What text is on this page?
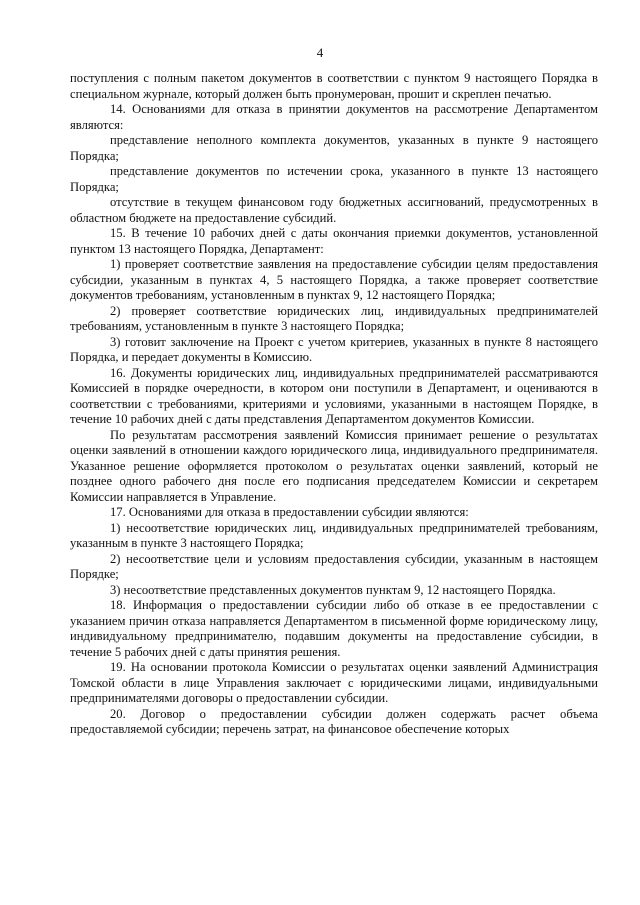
4

поступления с полным пакетом документов в соответствии с пунктом 9 настоящего Порядка в специальном журнале, который должен быть пронумерован, прошит и скреплен печатью.

14. Основаниями для отказа в принятии документов на рассмотрение Департаментом являются:

представление неполного комплекта документов, указанных в пункте 9 настоящего Порядка;

представление документов по истечении срока, указанного в пункте 13 настоящего Порядка;

отсутствие в текущем финансовом году бюджетных ассигнований, предусмотренных в областном бюджете на предоставление субсидий.

15. В течение 10 рабочих дней с даты окончания приемки документов, установленной пунктом 13 настоящего Порядка, Департамент:

1) проверяет соответствие заявления на предоставление субсидии целям предоставления субсидии, указанным в пунктах 4, 5 настоящего Порядка, а также проверяет соответствие документов требованиям, установленным в пунктах 9, 12 настоящего Порядка;

2) проверяет соответствие юридических лиц, индивидуальных предпринимателей требованиям, установленным в пункте 3 настоящего Порядка;

3) готовит заключение на Проект с учетом критериев, указанных в пункте 8 настоящего Порядка, и передает документы в Комиссию.

16. Документы юридических лиц, индивидуальных предпринимателей рассматриваются Комиссией в порядке очередности, в котором они поступили в Департамент, и оцениваются в соответствии с требованиями, критериями и условиями, указанными в настоящем Порядке, в течение 10 рабочих дней с даты представления Департаментом документов Комиссии.

По результатам рассмотрения заявлений Комиссия принимает решение о результатах оценки заявлений в отношении каждого юридического лица, индивидуального предпринимателя. Указанное решение оформляется протоколом о результатах оценки заявлений, который не позднее одного рабочего дня после его подписания председателем Комиссии и секретарем Комиссии направляется в Управление.

17. Основаниями для отказа в предоставлении субсидии являются:

1) несоответствие юридических лиц, индивидуальных предпринимателей требованиям, указанным в пункте 3 настоящего Порядка;

2) несоответствие цели и условиям предоставления субсидии, указанным в настоящем Порядке;

3) несоответствие представленных документов пунктам 9, 12 настоящего Порядка.

18. Информация о предоставлении субсидии либо об отказе в ее предоставлении с указанием причин отказа направляется Департаментом в письменной форме юридическому лицу, индивидуальному предпринимателю, подавшим документы на предоставление субсидии, в течение 5 рабочих дней с даты принятия решения.

19. На основании протокола Комиссии о результатах оценки заявлений Администрация Томской области в лице Управления заключает с юридическими лицами, индивидуальными предпринимателями договоры о предоставлении субсидии.

20. Договор о предоставлении субсидии должен содержать расчет объема предоставляемой субсидии; перечень затрат, на финансовое обеспечение которых
